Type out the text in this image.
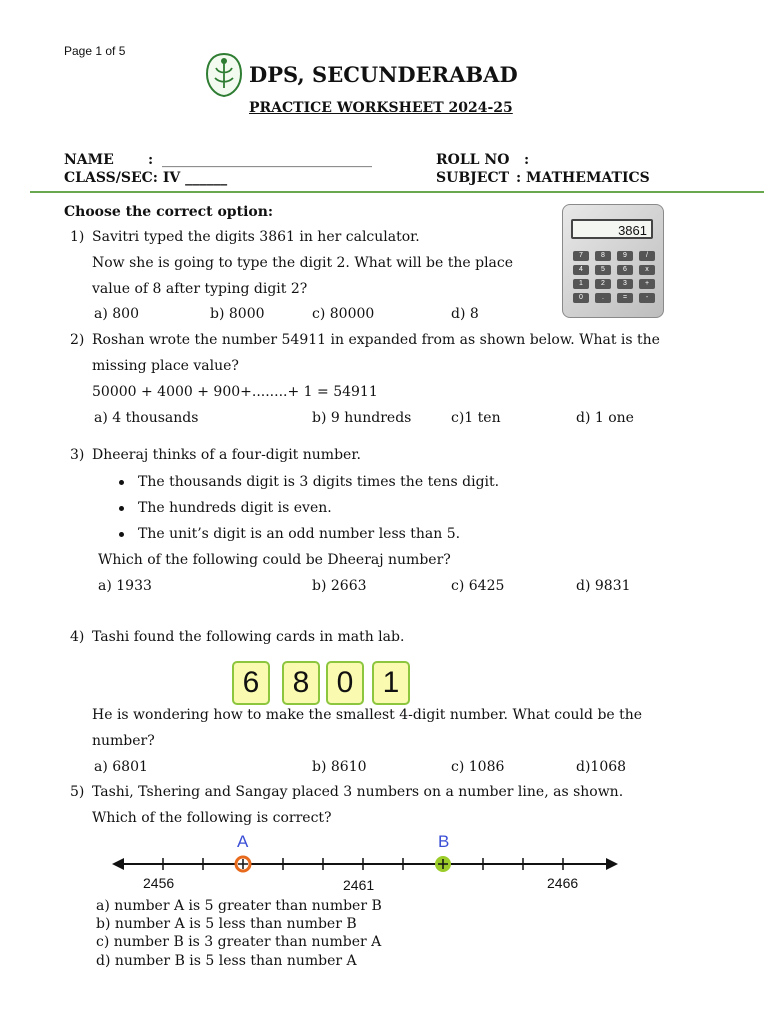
Page 1 of 5
DPS, SECUNDERABAD
PRACTICE WORKSHEET 2024-25
NAME : ______________________________	ROLL NO :
CLASS/SEC: IV ______	SUBJECT : MATHEMATICS
Choose the correct option:
3861
7	8	9	/
4	5	6	x
1	2	3	+
0	.	=	-
1) Savitri typed the digits 3861 in her calculator.
Now she is going to type the digit 2. What will be the place
value of 8 after typing digit 2?
a) 800	b) 8000	c) 80000	d) 8
2) Roshan wrote the number 54911 in expanded from as shown below. What is the
missing place value?
50000 + 4000 + 900+........+ 1 = 54911
a) 4 thousands	b) 9 hundreds	c)1 ten	d) 1 one
3) Dheeraj thinks of a four-digit number.
The thousands digit is 3 digits times the tens digit.
The hundreds digit is even.
The unit’s digit is an odd number less than 5.
Which of the following could be Dheeraj number?
a) 1933	b) 2663	c) 6425	d) 9831
4) Tashi found the following cards in math lab.
6	8 0 1
He is wondering how to make the smallest 4-digit number. What could be the
number?
a) 6801	b) 8610	c) 1086	d)1068
5) Tashi, Tshering and Sangay placed 3 numbers on a number line, as shown.
Which of the following is correct?
A	B
2456	2461	2466
a) number A is 5 greater than number B
b) number A is 5 less than number B
c) number B is 3 greater than number A
d) number B is 5 less than number A
